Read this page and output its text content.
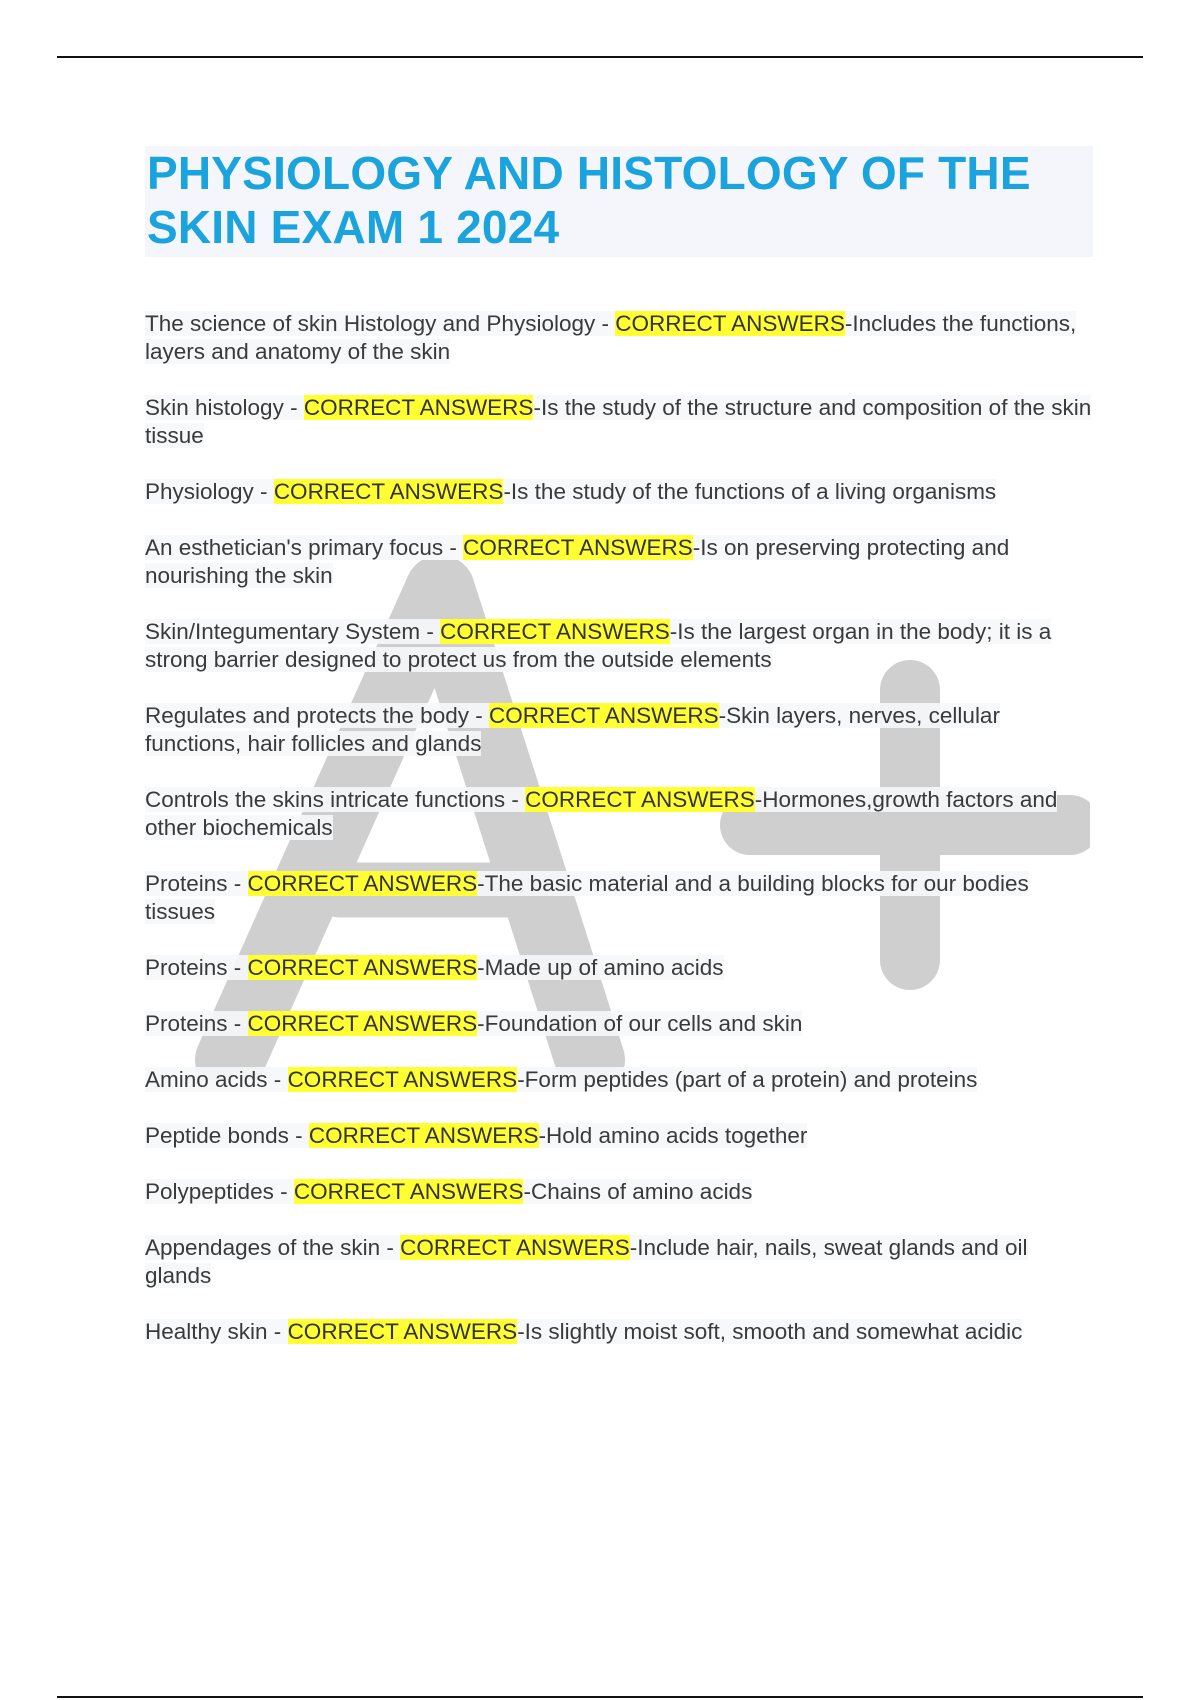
PHYSIOLOGY AND HISTOLOGY OF THE SKIN EXAM 1 2024
The science of skin Histology and Physiology - CORRECT ANSWERS-Includes the functions, layers and anatomy of the skin
Skin histology - CORRECT ANSWERS-Is the study of the structure and composition of the skin tissue
Physiology - CORRECT ANSWERS-Is the study of the functions of a living organisms
An esthetician's primary focus - CORRECT ANSWERS-Is on preserving protecting and nourishing the skin
Skin/Integumentary System - CORRECT ANSWERS-Is the largest organ in the body; it is a strong barrier designed to protect us from the outside elements
Regulates and protects the body - CORRECT ANSWERS-Skin layers, nerves, cellular functions, hair follicles and glands
Controls the skins intricate functions - CORRECT ANSWERS-Hormones,growth factors and other biochemicals
Proteins - CORRECT ANSWERS-The basic material and a building blocks for our bodies tissues
Proteins - CORRECT ANSWERS-Made up of amino acids
Proteins - CORRECT ANSWERS-Foundation of our cells and skin
Amino acids - CORRECT ANSWERS-Form peptides (part of a protein) and proteins
Peptide bonds - CORRECT ANSWERS-Hold amino acids together
Polypeptides - CORRECT ANSWERS-Chains of amino acids
Appendages of the skin - CORRECT ANSWERS-Include hair, nails, sweat glands and oil glands
Healthy skin - CORRECT ANSWERS-Is slightly moist soft, smooth and somewhat acidic
